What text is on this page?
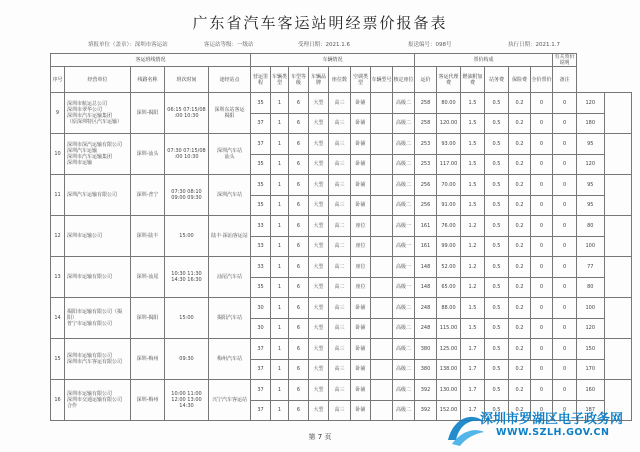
广东省汽车客运站明经票价报备表
填报单位（盖章）：深圳市客运站	客运站等级：一级站	受理日期：2021.1.6	报送编号：098号	执行日期：2021.1.7
客运班线情况					车辆情况								票价构成						有关票价说明		
序号	经营单位	线路名称	班次时间	途经站点	营运里程	车辆类型	车型等级	车辆品牌	座位数	空调类型	车辆型号	核定座位	运价	客运代理费	燃油附加费	站务费	保险费	全价票价	备注		
9	深圳市航运总公司
深圳市翠华公司
深圳市汽车运输集团
（原深圳特区汽车运输）	深圳-揭阳	06:15 07:15/08
:00 10:30	深圳东站客运
揭阳	35	1	6	大型	高三	卧铺		高级二	258	80.00	1.5	0.5	0.2	0	0	120	
					37	1	6	大型	高三	卧铺		高级二	258	120.00	1.5	0.5	0.2	0	0	180	
10	深圳市深汽运输有限公司
深圳汽车运输
深圳市汽车运输集团
深圳市运输	深圳-汕头	07:30 07:15/08
:00 10:30	深圳汽车站
汕头	37	1	6	大型	高三	卧铺		高级二	253	93.00	1.5	0.5	0.2	0	0	95	
					35	1	6	大型	高三	卧铺		高级二	253	117.00	1.5	0.5	0.2	0	0	120	
11	深圳汽车运输有限公司	深圳-普宁	07:30 08:10
09:00 09:30	深圳汽车站	35	1	6	大型	高三	卧铺		高级二	256	70.00	1.5	0.5	0.2	0	0	95	
					35	1	6	大型	高三	卧铺		高级二	256	91.00	1.5	0.5	0.2	0	0	95	
12	深圳市运输公司	深圳-陆丰	15:00	陆丰·深汕客运站	33	1	6	大型	高二	座位		高级一	161	76.00	1.2	0.5	0.2	0	0	80	
					33	1	6	大型	高二	座位		高级一	161	99.00	1.2	0.5	0.2	0	0	100	
13	深圳市运输有限公司	深圳-汕尾	10:30 11:30
14:30 16:30	汕尾汽车站	33	1	6	大型	高二	座位		高级一	148	52.00	1.2	0.5	0.2	0	0	77	
					35	1	6	大型	高二	座位		高级一	148	65.00	1.2	0.5	0.2	0	0	80	
14	揭阳市运输有限公司（揭
阳）
普宁市运输有限公司	深圳-揭阳	15:00	揭阳汽车站	30	1	6	大型	高三	卧铺		高级二	248	88.00	1.5	0.5	0.2	0	0	100	
					30	1	6	大型	高三	卧铺		高级二	248	115.00	1.5	0.5	0.2	0	0	120	
15	深圳市运输有限公司
深圳市汽车客运有限公司	深圳-梅州	09:30	梅州汽车站	37	1	6	大型	高三	卧铺		高级二	380	125.00	1.7	0.5	0.2	0	0	150	
					37	1	6	大型	高三	卧铺		高级二	380	138.00	1.7	0.5	0.2	0	0	170	
16	深圳市运输有限公司
深圳市交通运输有限公司
合作	深圳-梅州	10:00 11:00
12:00 13:00
14:30	兴宁汽车客运站	37	1	6	大型	高三	卧铺		高级二	392	130.00	1.7	0.5	0.2	0	0	160	
					37	1	6	大型	高三	卧铺		高级二	392	152.00	1.7	0.5	0.2	0	0	187	
第 7 页
深圳市罗湖区电子政务网
WWW.SZLH.GOV.CN
